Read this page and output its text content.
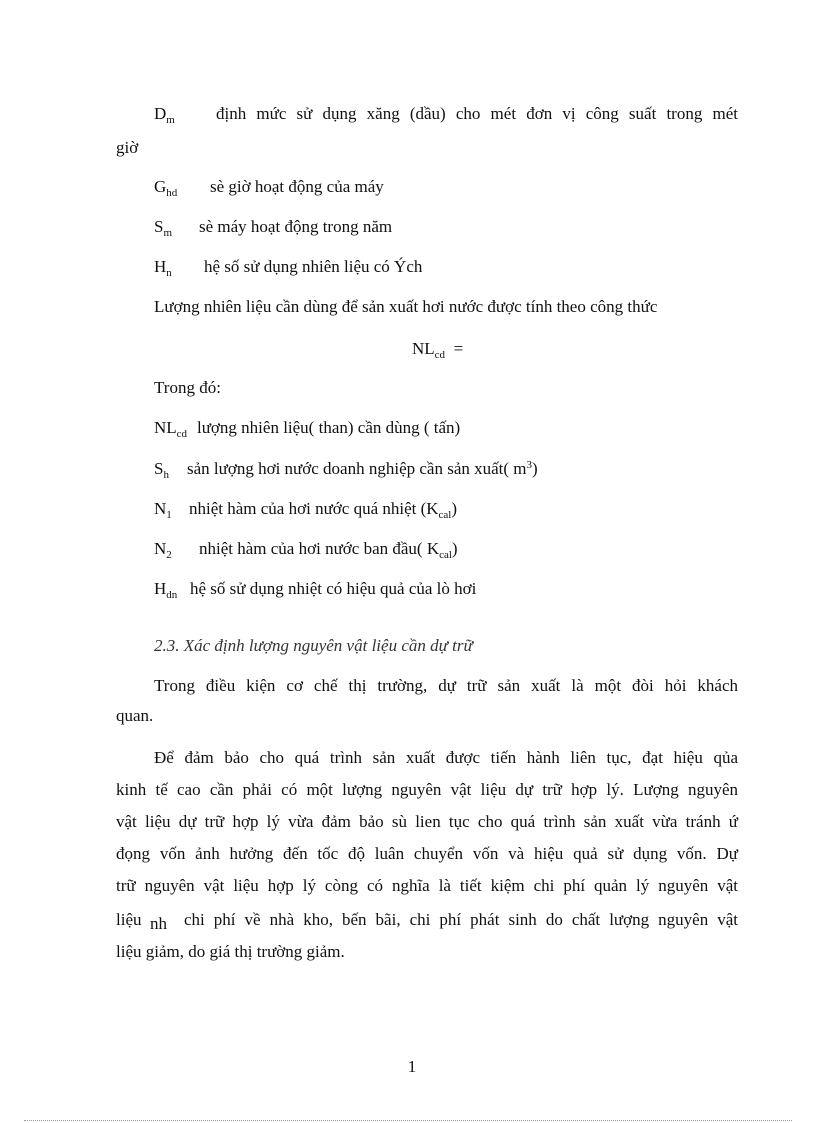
$D_m$	định mức sử dụng xăng (dầu) cho mét đơn vị công suất trong mét
giờ
$G_{hd}$ sè giờ hoạt động của máy
$S_m$ sè máy hoạt động trong năm
$H_n$ hệ số sử dụng nhiên liệu có Ých
Lượng nhiên liệu cần dùng để sản xuất hơi nước được tính theo công thức
$NL_{cd}$ =
Trong đó:
$NL_{cd}$ lượng nhiên liệu( than) cần dùng ( tấn)
$S_h$ sản lượng hơi nước doanh nghiệp cần sản xuất( $m^3$)
$N_1$ nhiệt hàm của hơi nước quá nhiệt $(K_{cal})$
$N_2$ nhiệt hàm của hơi nước ban đầu( $K_{cal}$)
$H_{dn}$ hệ số sử dụng nhiệt có hiệu quả của lò hơi
2.3. Xác định lượng nguyên vật liệu cần dự trữ
Trong điều kiện cơ chế thị trường, dự trữ sản xuất là một đòi hỏi khách
quan.
Để đảm bảo cho quá trình sản xuất được tiến hành liên tục, đạt hiệu qủa
kinh tế cao cần phải có một lượng nguyên vật liệu dự trữ hợp lý. Lượng nguyên
vật liệu dự trữ hợp lý vừa đảm bảo sù lien tục cho quá trình sản xuất vừa tránh ứ
đọng vốn ảnh hưởng đến tốc độ luân chuyển vốn và hiệu quả sử dụng vốn. Dự
trữ nguyên vật liệu hợp lý còng có nghĩa là tiết kiệm chi phí quản lý nguyên vật
liệu nh chi phí về nhà kho, bến bãi, chi phí phát sinh do chất lượng nguyên vật
liệu giảm, do giá thị trường giảm.
1
